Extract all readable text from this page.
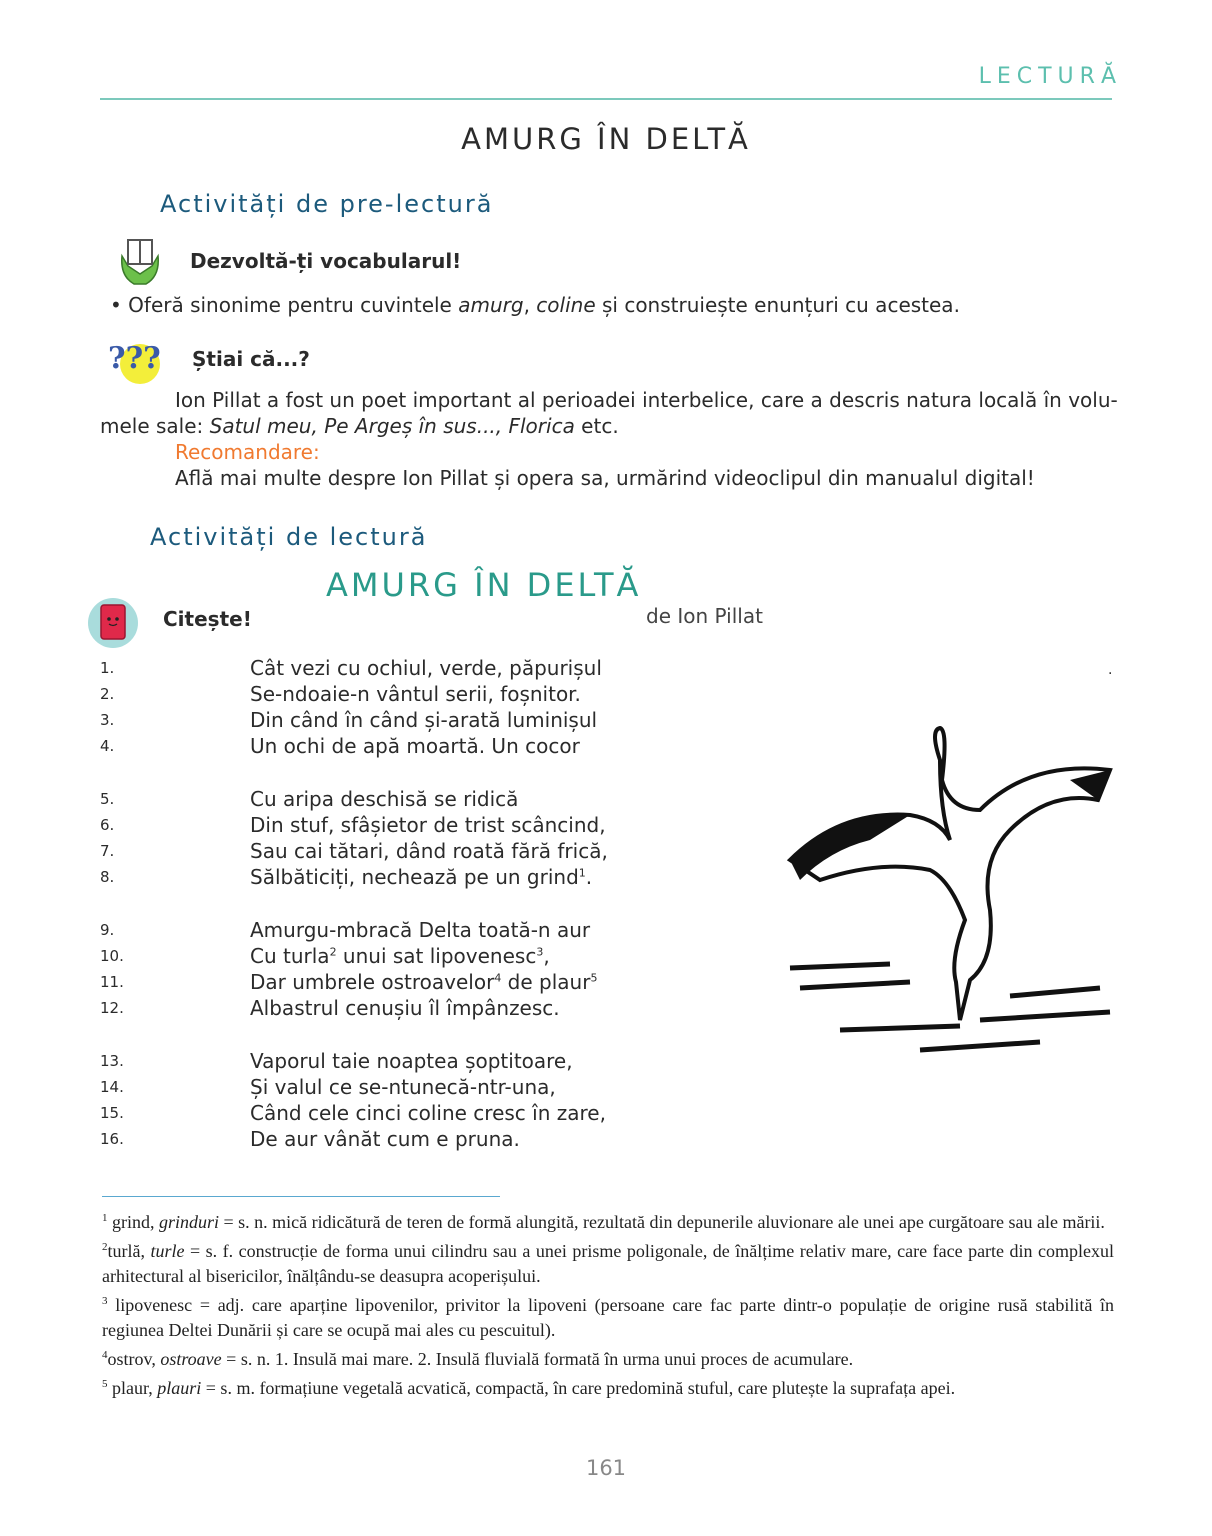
LECTURĂ
AMURG ÎN DELTĂ
Activități de pre-lectură
Dezvoltă-ți vocabularul!
• Oferă sinonime pentru cuvintele amurg, coline și construiește enunțuri cu acestea.
??? Știai că...?
Ion Pillat a fost un poet important al perioadei interbelice, care a descris natura locală în volu-
mele sale: Satul meu, Pe Argeș în sus..., Florica etc.
Recomandare:
Află mai multe despre Ion Pillat și opera sa, urmărind videoclipul din manualul digital!
Activități de lectură
AMURG ÎN DELTĂ
Citește!	de Ion Pillat
1.	Cât vezi cu ochiul, verde, păpurișul
2.	Se-ndoaie-n vântul serii, foșnitor.
3.	Din când în când și-arată luminișul
4.	Un ochi de apă moartă. Un cocor
5.	Cu aripa deschisă se ridică
6.	Din stuf, sfâșietor de trist scâncind,
7.	Sau cai tătari, dând roată fără frică,
8.	Sălbăticiți, nechează pe un grind$^1$.
9.	Amurgu-mbracă Delta toată-n aur
10.	Cu turla$^2$ unui sat lipovenesc$^3$,
11.	Dar umbrele ostroavelor$^4$ de plaur$^5$
12.	Albastrul cenușiu îl împânzesc.
13.	Vaporul taie noaptea șoptitoare,
14.	Și valul ce se-ntunecă-ntr-una,
15.	Când cele cinci coline cresc în zare,
16.	De aur vânăt cum e pruna.
·

$^1$ grind, grinduri = s. n. mică ridicătură de teren de formă alungită, rezultată din depunerile aluvionare ale unei ape curgătoare sau ale mării.

$^2$turlă, turle = s. f. construcție de forma unui cilindru sau a unei prisme poligonale, de înălțime relativ mare, care face parte din complexul arhitectural al bisericilor, înălțându-se deasupra acoperișului.

$^3$ lipovenesc = adj. care aparține lipovenilor, privitor la lipoveni (persoane care fac parte dintr-o populație de origine rusă stabilită în regiunea Deltei Dunării și care se ocupă mai ales cu pescuitul).

$^4$ostrov, ostroave = s. n. 1. Insulă mai mare. 2. Insulă fluvială formată în urma unui proces de acumulare.

$^5$ plaur, plauri = s. m. formațiune vegetală acvatică, compactă, în care predomină stuful, care plutește la suprafața apei.

161
